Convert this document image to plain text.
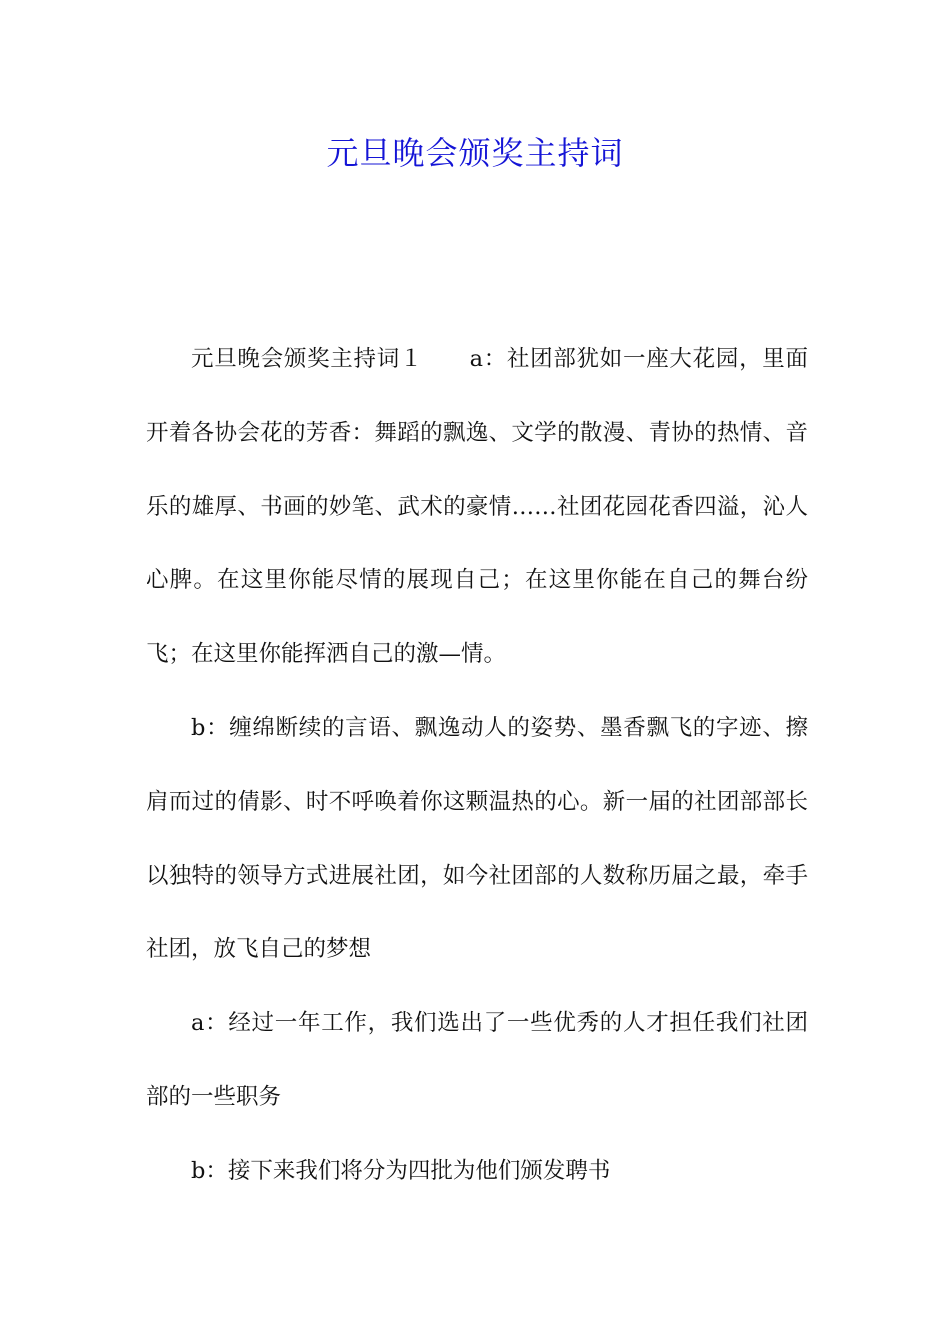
元旦晚会颁奖主持词

元旦晚会颁奖主持词１　　a：社团部犹如一座大花园，里面开着各协会花的芳香：舞蹈的飘逸、文学的散漫、青协的热情、音乐的雄厚、书画的妙笔、武术的豪情……社团花园花香四溢，沁人心脾。在这里你能尽情的展现自己；在这里你能在自己的舞台纷飞；在这里你能挥洒自己的激—情。

b：缠绵断续的言语、飘逸动人的姿势、墨香飘飞的字迹、擦肩而过的倩影、时不呼唤着你这颗温热的心。新一届的社团部部长以独特的领导方式进展社团，如今社团部的人数称历届之最，牵手社团，放飞自己的梦想

a：经过一年工作，我们选出了一些优秀的人才担任我们社团部的一些职务

b：接下来我们将分为四批为他们颁发聘书
